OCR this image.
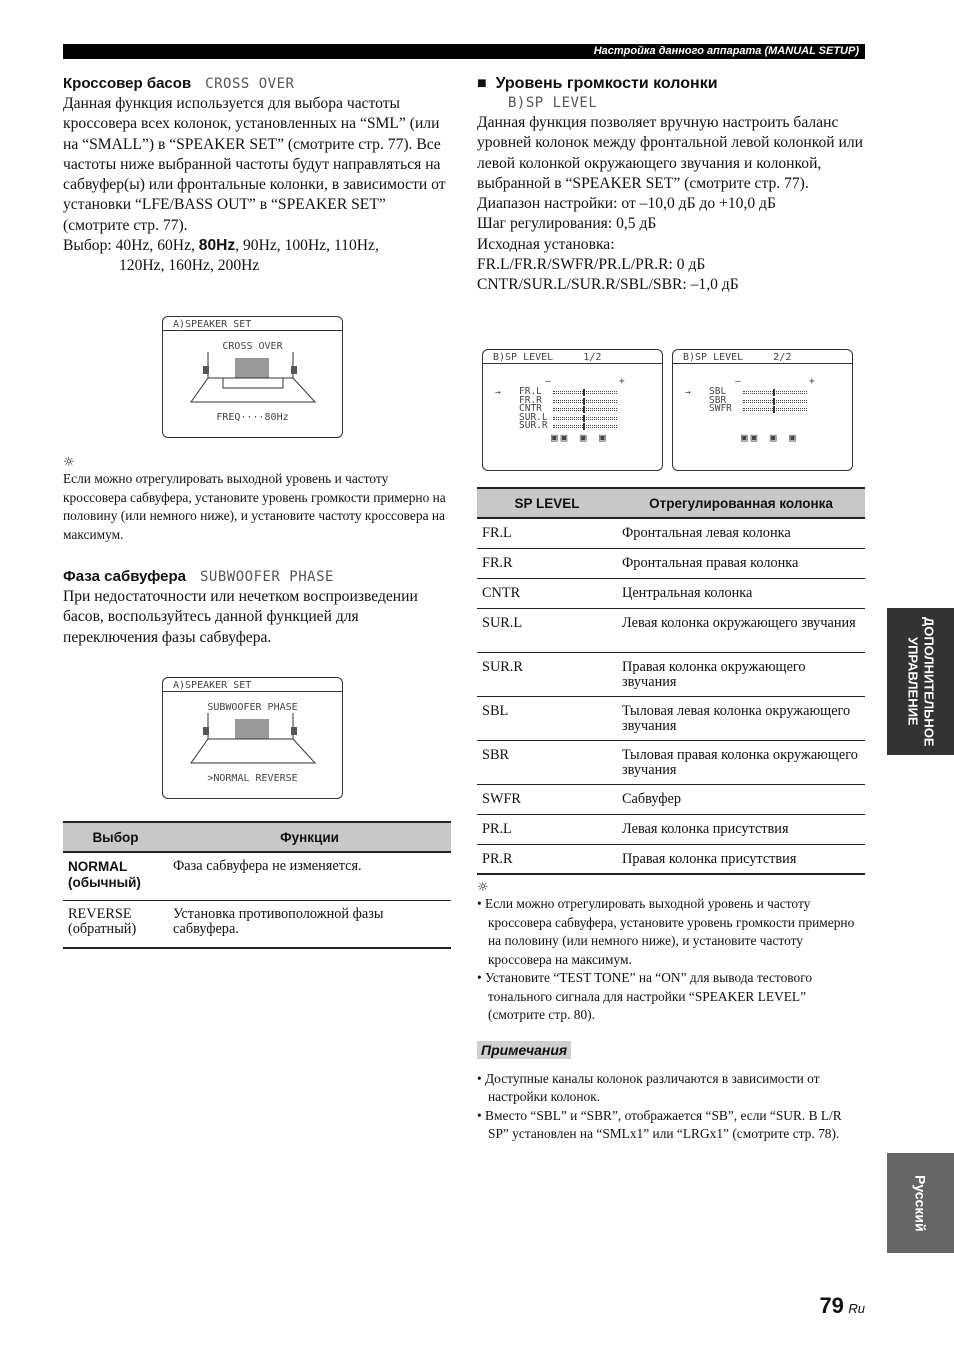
Настройка данного аппарата (MANUAL SETUP)
Кроссовер басов CROSS OVER
Данная функция используется для выбора частоты кроссовера всех колонок, установленных на “SML” (или на “SMALL”) в “SPEAKER SET” (смотрите стр. 77). Все частоты ниже выбранной частоты будут направляться на сабвуфер(ы) или фронтальные колонки, в зависимости от установки “LFE/BASS OUT” в “SPEAKER SET” (смотрите стр. 77).
Выбор: 40Hz, 60Hz, 80Hz, 90Hz, 100Hz, 110Hz,
120Hz, 160Hz, 200Hz
A)SPEAKER SET
CROSS OVER
FREQ····80Hz
☼
Если можно отрегулировать выходной уровень и частоту кроссовера сабвуфера, установите уровень громкости примерно на половину (или немного ниже), и установите частоту кроссовера на максимум.
Фаза сабвуфера SUBWOOFER PHASE
При недостаточности или нечетком воспроизведении басов, воспользуйтесь данной функцией для переключения фазы сабвуфера.
A)SPEAKER SET
SUBWOOFER PHASE
>NORMAL REVERSE
Выбор	Функции
NORMAL
(обычный)	Фаза сабвуфера не изменяется.
REVERSE
(обратный)	Установка противоположной фазы сабвуфера.
■ Уровень громкости колонки
B)SP LEVEL
Данная функция позволяет вручную настроить баланс уровней колонок между фронтальной левой колонкой или левой колонкой окружающего звучания и колонкой, выбранной в “SPEAKER SET” (смотрите стр. 77).
Диапазон настройки: от –10,0 дБ до +10,0 дБ
Шаг регулирования: 0,5 дБ
Исходная установка:
FR.L/FR.R/SWFR/PR.L/PR.R: 0 дБ
CNTR/SUR.L/SUR.R/SBL/SBR: –1,0 дБ
B)SP LEVEL     1/2
–	+
→ FR.L
FR.R
CNTR
SUR.L
SUR.R
▣▣ ▣ ▣
B)SP LEVEL     2/2
–	+
→ SBL
SBR
SWFR
▣▣ ▣ ▣
SP LEVEL	Отрегулированная колонка
FR.L	Фронтальная левая колонка
FR.R	Фронтальная правая колонка
CNTR	Центральная колонка
SUR.L	Левая колонка окружающего звучания
SUR.R	Правая колонка окружающего звучания
SBL	Тыловая левая колонка окружающего звучания
SBR	Тыловая правая колонка окружающего звучания
SWFR	Сабвуфер
PR.L	Левая колонка присутствия
PR.R	Правая колонка присутствия
☼
• Если можно отрегулировать выходной уровень и частоту кроссовера сабвуфера, установите уровень громкости примерно на половину (или немного ниже), и установите частоту кроссовера на максимум.
• Установите “TEST TONE” на “ON” для вывода тестового тонального сигнала для настройки “SPEAKER LEVEL” (смотрите стр. 80).
Примечания
• Доступные каналы колонок различаются в зависимости от настройки колонок.
• Вместо “SBL” и “SBR”, отображается “SB”, если “SUR. B L/R SP” установлен на “SMLx1” или “LRGx1” (смотрите стр. 78).
ДОПОЛНИТЕЛЬНОЕ УПРАВЛЕНИЕ
Русский
79 Ru
